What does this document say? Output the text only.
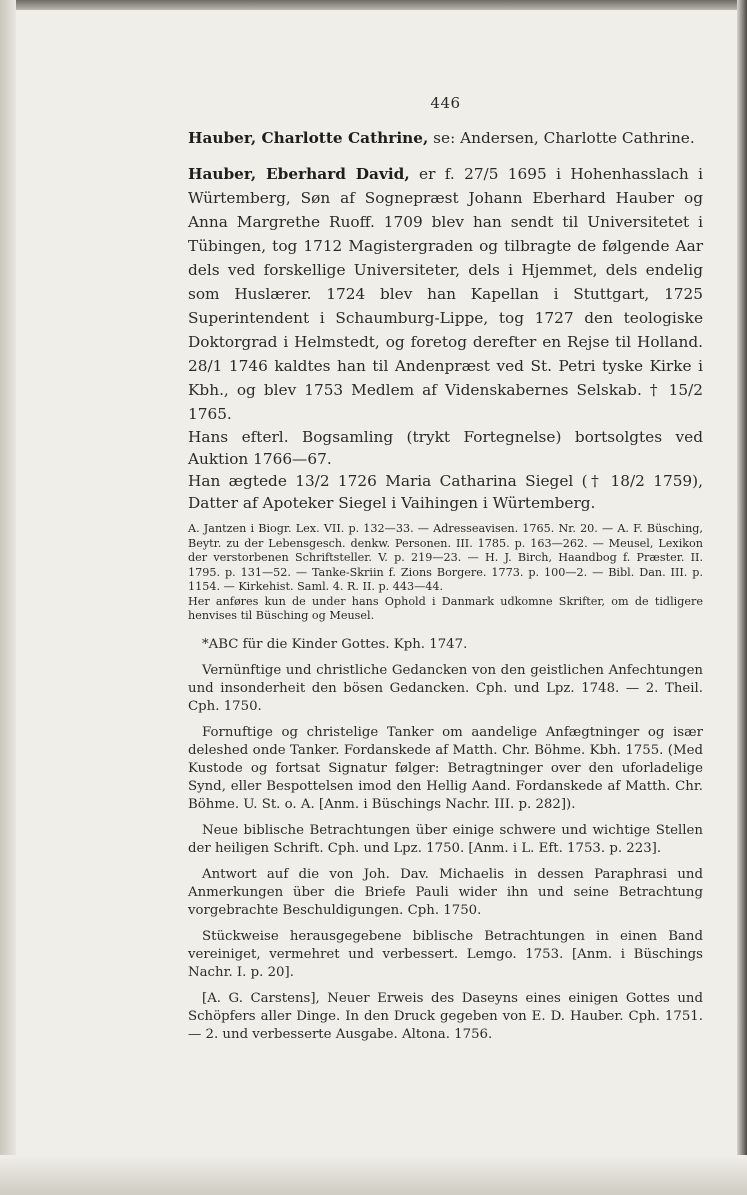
446

Hauber, Charlotte Cathrine, se: Andersen, Charlotte Cathrine.

Hauber, Eberhard David, er f. 27/5 1695 i Hohenhasslach i Würtemberg, Søn af Sognepræst Johann Eberhard Hauber og Anna Margrethe Ruoff. 1709 blev han sendt til Universitetet i Tübingen, tog 1712 Magistergraden og tilbragte de følgende Aar dels ved forskellige Universiteter, dels i Hjemmet, dels endelig som Huslærer. 1724 blev han Kapellan i Stuttgart, 1725 Superintendent i Schaumburg-Lippe, tog 1727 den teologiske Doktorgrad i Helmstedt, og foretog derefter en Rejse til Holland. 28/1 1746 kaldtes han til Andenpræst ved St. Petri tyske Kirke i Kbh., og blev 1753 Medlem af Videnskabernes Selskab. † 15/2 1765.

Hans efterl. Bogsamling (trykt Fortegnelse) bortsolgtes ved Auktion 1766—67.

Han ægtede 13/2 1726 Maria Catharina Siegel († 18/2 1759), Datter af Apoteker Siegel i Vaihingen i Würtemberg.

A. Jantzen i Biogr. Lex. VII. p. 132—33. — Adresseavisen. 1765. Nr. 20. — A. F. Büsching, Beytr. zu der Lebensgesch. denkw. Personen. III. 1785. p. 163—262. — Meusel, Lexikon der verstorbenen Schriftsteller. V. p. 219—23. — H. J. Birch, Haandbog f. Præster. II. 1795. p. 131—52. — Tanke-Skriin f. Zions Borgere. 1773. p. 100—2. — Bibl. Dan. III. p. 1154. — Kirkehist. Saml. 4. R. II. p. 443—44.
Her anføres kun de under hans Ophold i Danmark udkomne Skrifter, om de tidligere henvises til Büsching og Meusel.

*ABC für die Kinder Gottes. Kph. 1747.

Vernünftige und christliche Gedancken von den geistlichen Anfechtungen und insonderheit den bösen Gedancken. Cph. und Lpz. 1748. — 2. Theil. Cph. 1750.

Fornuftige og christelige Tanker om aandelige Anfægtninger og især deleshed onde Tanker. Fordanskede af Matth. Chr. Böhme. Kbh. 1755. (Med Kustode og fortsat Signatur følger: Betragtninger over den uforladelige Synd, eller Bespottelsen imod den Hellig Aand. Fordanskede af Matth. Chr. Böhme. U. St. o. A. [Anm. i Büschings Nachr. III. p. 282]).

Neue biblische Betrachtungen über einige schwere und wichtige Stellen der heiligen Schrift. Cph. und Lpz. 1750. [Anm. i L. Eft. 1753. p. 223].

Antwort auf die von Joh. Dav. Michaelis in dessen Paraphrasi und Anmerkungen über die Briefe Pauli wider ihn und seine Betrachtung vorgebrachte Beschuldigungen. Cph. 1750.

Stückweise herausgegebene biblische Betrachtungen in einen Band vereiniget, vermehret und verbessert. Lemgo. 1753. [Anm. i Büschings Nachr. I. p. 20].

[A. G. Carstens], Neuer Erweis des Daseyns eines einigen Gottes und Schöpfers aller Dinge. In den Druck gegeben von E. D. Hauber. Cph. 1751. — 2. und verbesserte Ausgabe. Altona. 1756.
